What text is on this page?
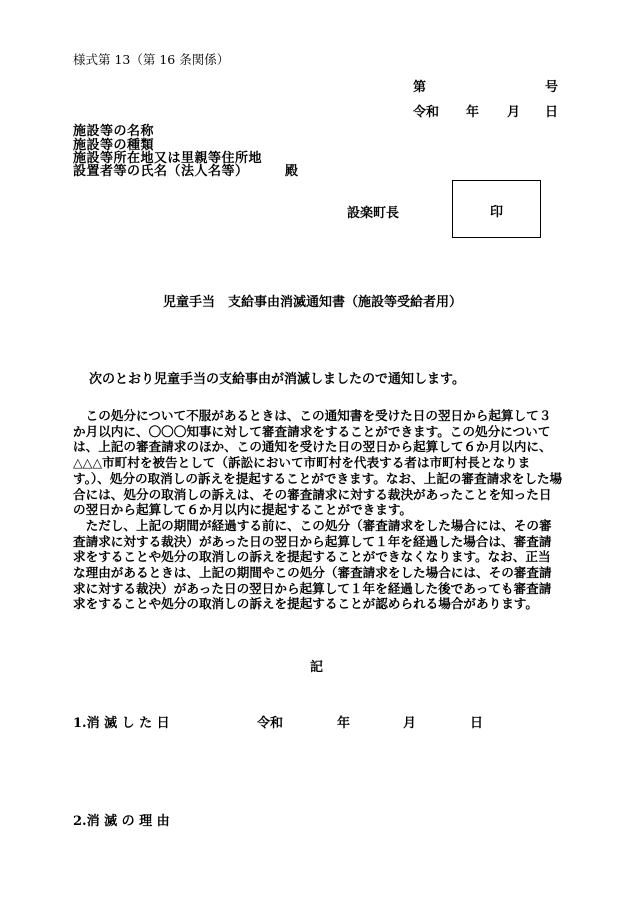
様式第 13（第 16 条関係）
第	号
令和 年 月 日
施設等の名称
施設等の種類
施設等所在地又は里親等住所地
設置者等の氏名（法人名等）	殿
設楽町長	印
児童手当　支給事由消滅通知書（施設等受給者用）
次のとおり児童手当の支給事由が消滅しましたので通知します。

この処分について不服があるときは、この通知書を受けた日の翌日から起算して３か月以内に、〇〇〇知事に対して審査請求をすることができます。この処分については、上記の審査請求のほか、この通知を受けた日の翌日から起算して６か月以内に、△△△市町村を被告として（訴訟において市町村を代表する者は市町村長となります。）、処分の取消しの訴えを提起することができます。なお、上記の審査請求をした場合には、処分の取消しの訴えは、その審査請求に対する裁決があったことを知った日の翌日から起算して６か月以内に提起することができます。

ただし、上記の期間が経過する前に、この処分（審査請求をした場合には、その審査請求に対する裁決）があった日の翌日から起算して１年を経過した場合は、審査請求をすることや処分の取消しの訴えを提起することができなくなります。なお、正当な理由があるときは、上記の期間やこの処分（審査請求をした場合には、その審査請求に対する裁決）があった日の翌日から起算して１年を経過した後であっても審査請求をすることや処分の取消しの訴えを提起することが認められる場合があります。

記
1.消 滅 し た 日	令和	年	月	日
2.消 滅 の 理 由
